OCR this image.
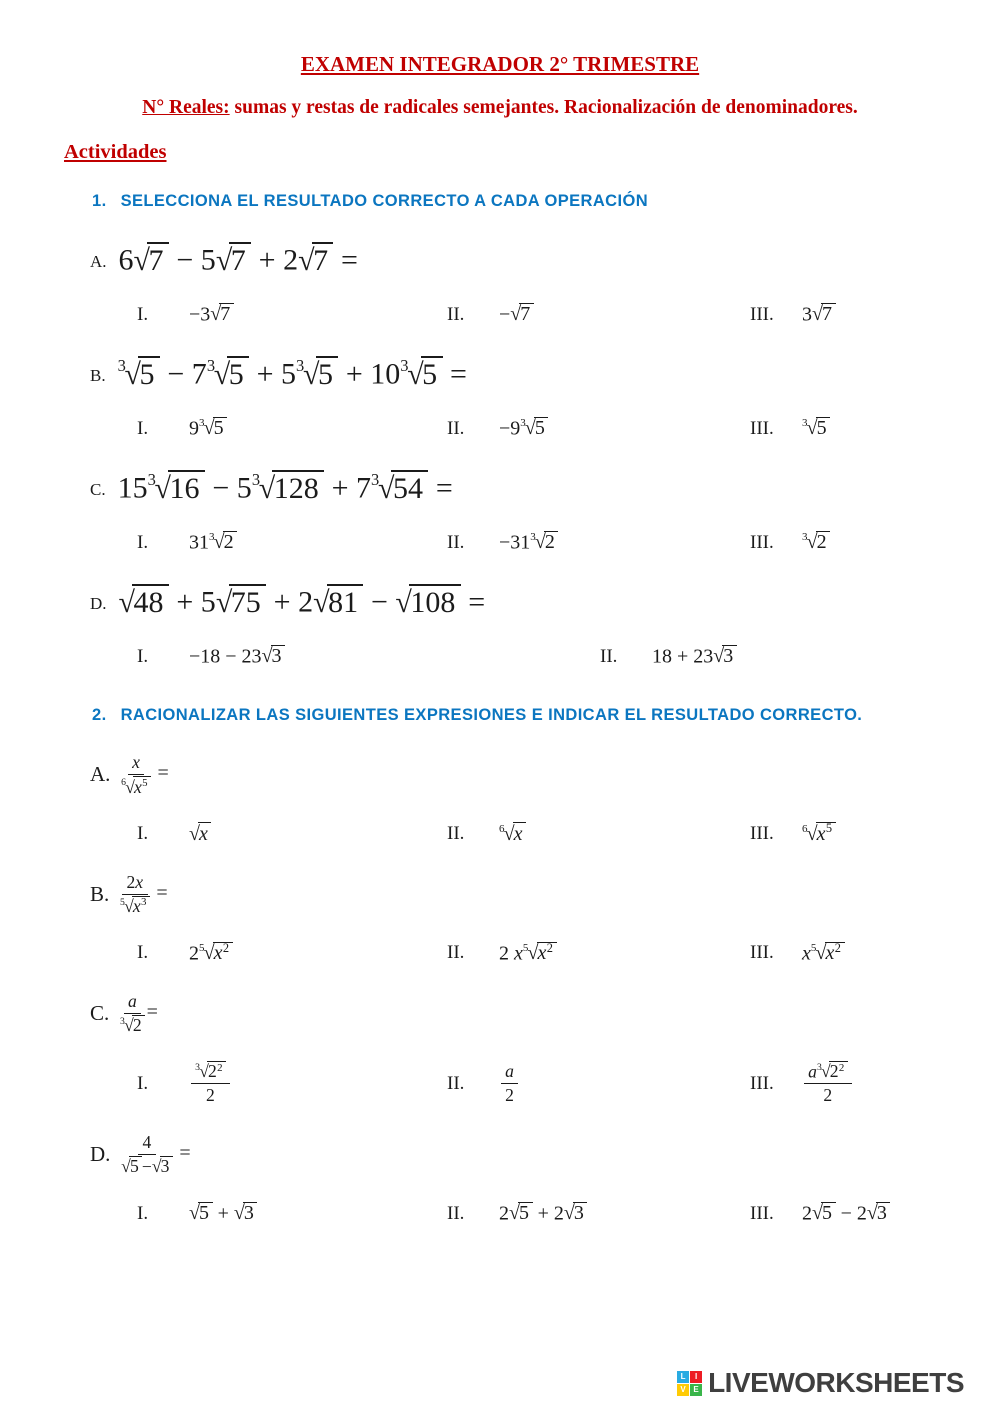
EXAMEN INTEGRADOR 2° TRIMESTRE

N° Reales: sumas y restas de radicales semejantes. Racionalización de denominadores.

Actividades

1. SELECCIONA EL RESULTADO CORRECTO A CADA OPERACIÓN
A. 6√7 − 5√7 + 2√7 =
I.	−3√7	II.	−√7	III.	3√7
B. $^3√5 - 7^3√5 + 5^3√5 + 10^3√5$ =
I.	$9^3√5$	II.	$-9^3√5$	III.	$^3$√5
C. $15^3√16 - 5^3√128 + 7^3√54$ =
I.	$31^3√2$	II.	$-31^3√2$	III.	$^3$√2
D. √48 + 5√75 + 2√81 − √108 =
I.	−18 − 23√3	II.	18 + 23√3
2. RACIONALIZAR LAS SIGUIENTES EXPRESIONES E INDICAR EL RESULTADO CORRECTO.
A. $\frac{x}{^6√x^5}$ =
I.	√x	II.	$^6$√x	III.	$^6√x^5$
B. $\frac{2x}{^5√x^3}$ =
I.	$2^5√x^2$	II.	2 $x^5√x^2$	III.	$x^5√x^2$
C. $\frac{a}{^3√2}$ =
I.	$\frac{^3√2^2}{2}$	II.	$\frac{a}{2}$	III.	$\frac{a^3√2^2}{2}$
D. $\frac{4}{√5 -√3}$ =
I.	√5 + √3	II.	2√5 + 2√3	III.	2√5 − 2√3
L	I
V E LIVEWORKSHEETS
